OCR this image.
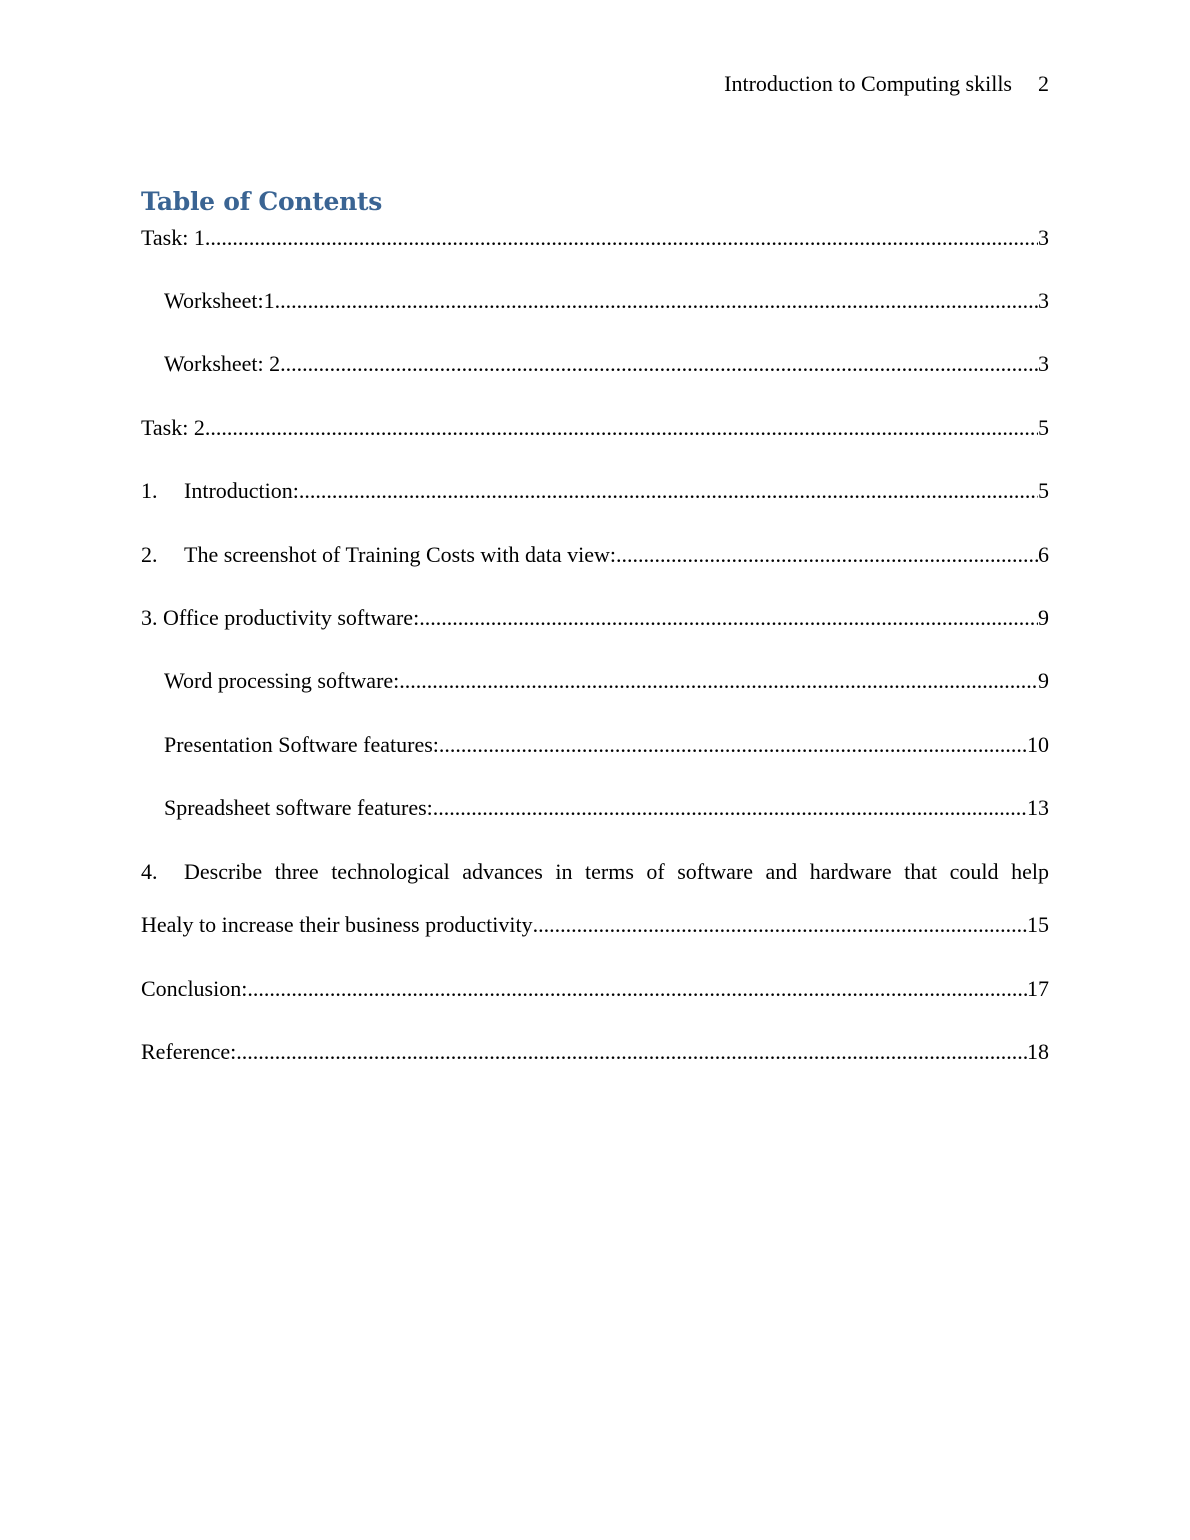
Introduction to Computing skills 2
Table of Contents
Task: 1 .....	3
Worksheet:1 .....	3
Worksheet: 2 .....	3
Task: 2 .....	5
1.	Introduction: .....	5
2.	The screenshot of Training Costs with data view: .....	6
3. Office productivity software: .....	9
Word processing software: .....	9
Presentation Software features: .....	10
Spreadsheet software features: .....	13
4.	Describe three technological advances in terms of software and hardware that could help
Healy to increase their business productivity .....	15
Conclusion: .....	17
Reference: .....	18
